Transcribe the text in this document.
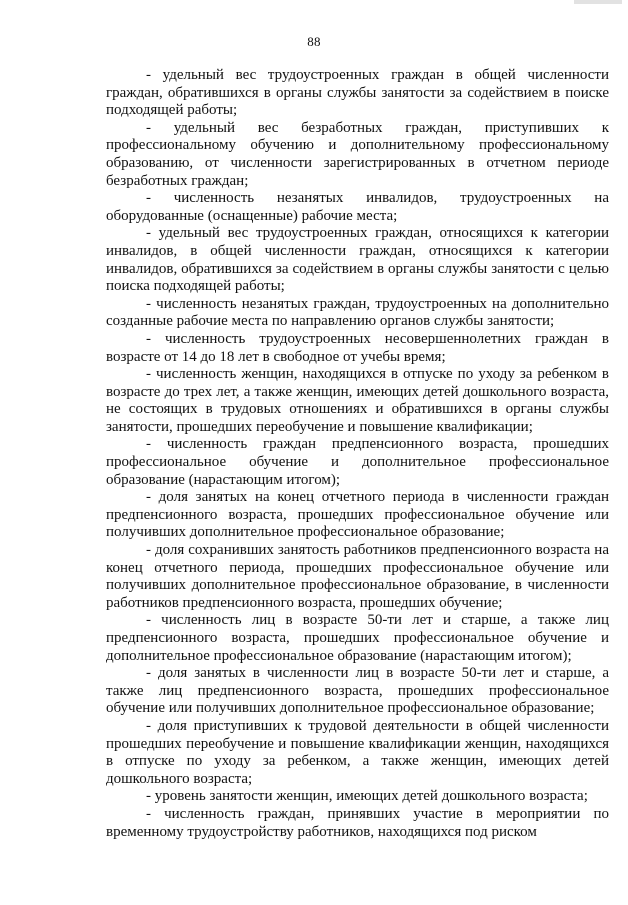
88

- удельный вес трудоустроенных граждан в общей численности граждан, обратившихся в органы службы занятости за содействием в поиске подходящей работы;

- удельный вес безработных граждан, приступивших к профессиональному обучению и дополнительному профессиональному образованию, от численности зарегистрированных в отчетном периоде безработных граждан;

- численность незанятых инвалидов, трудоустроенных на оборудованные (оснащенные) рабочие места;

- удельный вес трудоустроенных граждан, относящихся к категории инвалидов, в общей численности граждан, относящихся к категории инвалидов, обратившихся за содействием в органы службы занятости с целью поиска подходящей работы;

- численность незанятых граждан, трудоустроенных на дополнительно созданные рабочие места по направлению органов службы занятости;

- численность трудоустроенных несовершеннолетних граждан в возрасте от 14 до 18 лет в свободное от учебы время;

- численность женщин, находящихся в отпуске по уходу за ребенком в возрасте до трех лет, а также женщин, имеющих детей дошкольного возраста, не состоящих в трудовых отношениях и обратившихся в органы службы занятости, прошедших переобучение и повышение квалификации;

- численность граждан предпенсионного возраста, прошедших профессиональное обучение и дополнительное профессиональное образование (нарастающим итогом);

- доля занятых на конец отчетного периода в численности граждан предпенсионного возраста, прошедших профессиональное обучение или получивших дополнительное профессиональное образование;

- доля сохранивших занятость работников предпенсионного возраста на конец отчетного периода, прошедших профессиональное обучение или получивших дополнительное профессиональное образование, в численности работников предпенсионного возраста, прошедших обучение;

- численность лиц в возрасте 50-ти лет и старше, а также лиц предпенсионного возраста, прошедших профессиональное обучение и дополнительное профессиональное образование (нарастающим итогом);

- доля занятых в численности лиц в возрасте 50-ти лет и старше, а также лиц предпенсионного возраста, прошедших профессиональное обучение или получивших дополнительное профессиональное образование;

- доля приступивших к трудовой деятельности в общей численности прошедших переобучение и повышение квалификации женщин, находящихся в отпуске по уходу за ребенком, а также женщин, имеющих детей дошкольного возраста;

- уровень занятости женщин, имеющих детей дошкольного возраста;

- численность граждан, принявших участие в мероприятии по временному трудоустройству работников, находящихся под риском
